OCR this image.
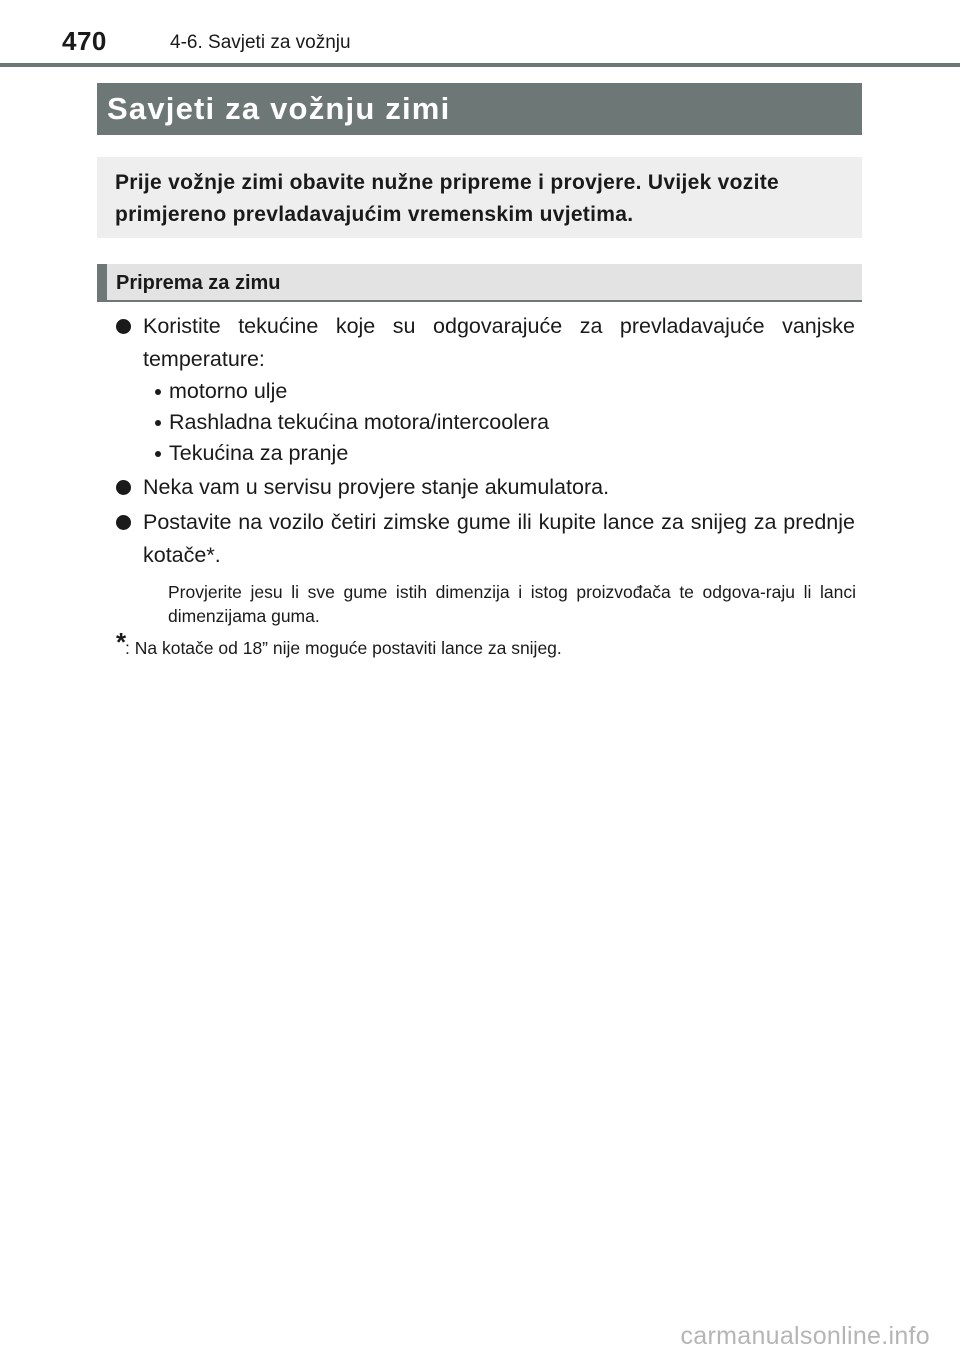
470	4-6. Savjeti za vožnju
Savjeti za vožnju zimi
Prije vožnje zimi obavite nužne pripreme i provjere. Uvijek vozite primjereno prevladavajućim vremenskim uvjetima.
Priprema za zimu
Koristite tekućine koje su odgovarajuće za prevladavajuće vanjske temperature:
motorno ulje
Rashladna tekućina motora/intercoolera
Tekućina za pranje
Neka vam u servisu provjere stanje akumulatora.
Postavite na vozilo četiri zimske gume ili kupite lance za snijeg za prednje kotače*.
Provjerite jesu li sve gume istih dimenzija i istog proizvođača te odgova-raju li lanci dimenzijama guma.
*
: Na kotače od 18” nije moguće postaviti lance za snijeg.
carmanualsonline.info
